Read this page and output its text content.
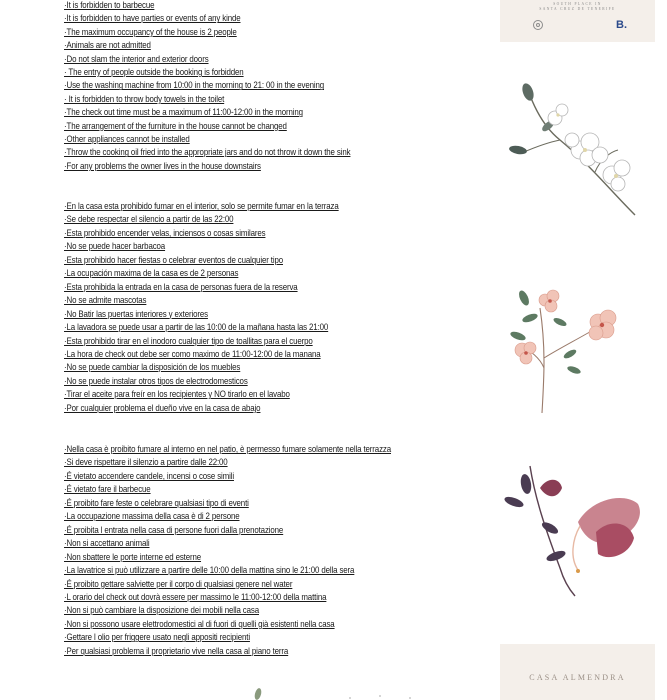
·It is forbidden to barbecue
·It is forbidden to have parties or events of any kinde
·The maximum occupancy of the house is 2 people
·Animals are not admitted
·Do not slam the interior and exterior doors
· The entry of people outside the booking is forbidden
·Use the washing machine from 10:00 in the morning to 21: 00 in the evening
· It is forbidden to throw body towels in the toilet
·The check out time must be a maximum of 11:00-12:00 in the morning
·The arrangement of the furniture in the house cannot be changed
·Other appliances cannot be installed
·Throw the cooking oil fried into the appropriate jars and do not throw it down the sink
·For any problems the owner lives in the house downstairs
·En la casa esta prohibido fumar en el interior, solo se permite fumar en la terraza
·Se debe respectar el silencio a partir de las 22:00
·Esta prohibido encender velas, inciensos o cosas similares
·No se puede hacer barbacoa
·Esta prohibido hacer fiestas o celebrar eventos de cualquier tipo
·La ocupación maxima de la casa es de 2 personas
·Esta prohibida la entrada en la casa de personas fuera de la reserva
·No se admite mascotas
·No Batir las puertas interiores y exteriores
·La lavadora se puede usar a partir de las 10:00 de la mañana hasta las 21:00
·Esta prohibido tirar en el inodoro cualquier tipo de toallitas para el cuerpo
·La hora de check out debe ser como maximo de 11:00-12:00 de la manana
·No se puede cambiar la disposición de los muebles
·No se puede instalar otros tipos de electrodomesticos
·Tirar el aceite para freír en los recipientes y NO tirarlo en el lavabo
·Por cualquier problema el dueño vive en la casa de abajo
·Nella casa è proibito fumare al interno en nel patio, è permesso fumare solamente nella terrazza
·Si deve rispettare il silenzio a partire dalle 22:00
·É vietato accendere candele, incensi o cose simili
·É vietato fare il barbecue
·É proibito fare feste o celebrare qualsiasi tipo di eventi
·La occupazione massima della casa è di 2 persone
·É proibita l entrata nella casa di persone fuori dalla prenotazione
·Non si accettano animali
·Non sbattere le porte interne ed esterne
·La lavatrice si può utilizzare a partire delle 10:00 della mattina sino le 21:00 della sera
·É proibito gettare salviette per il corpo di qualsiasi genere nel water
·L orario del check out dovrà essere per massimo le 11:00-12:00 della mattina
·Non si può cambiare la disposizione dei mobili nella casa
·Non si possono usare elettrodomestici al di fuori di quelli già esistenti nella casa
·Gettare l olio per friggere usato negli appositi recipienti
·Per qualsiasi problema il proprietario vive nella casa al piano terra
SOUTH PLACE IN
SANTA CRUZ DE TENERIFE
B.
CASA ALMENDRA
